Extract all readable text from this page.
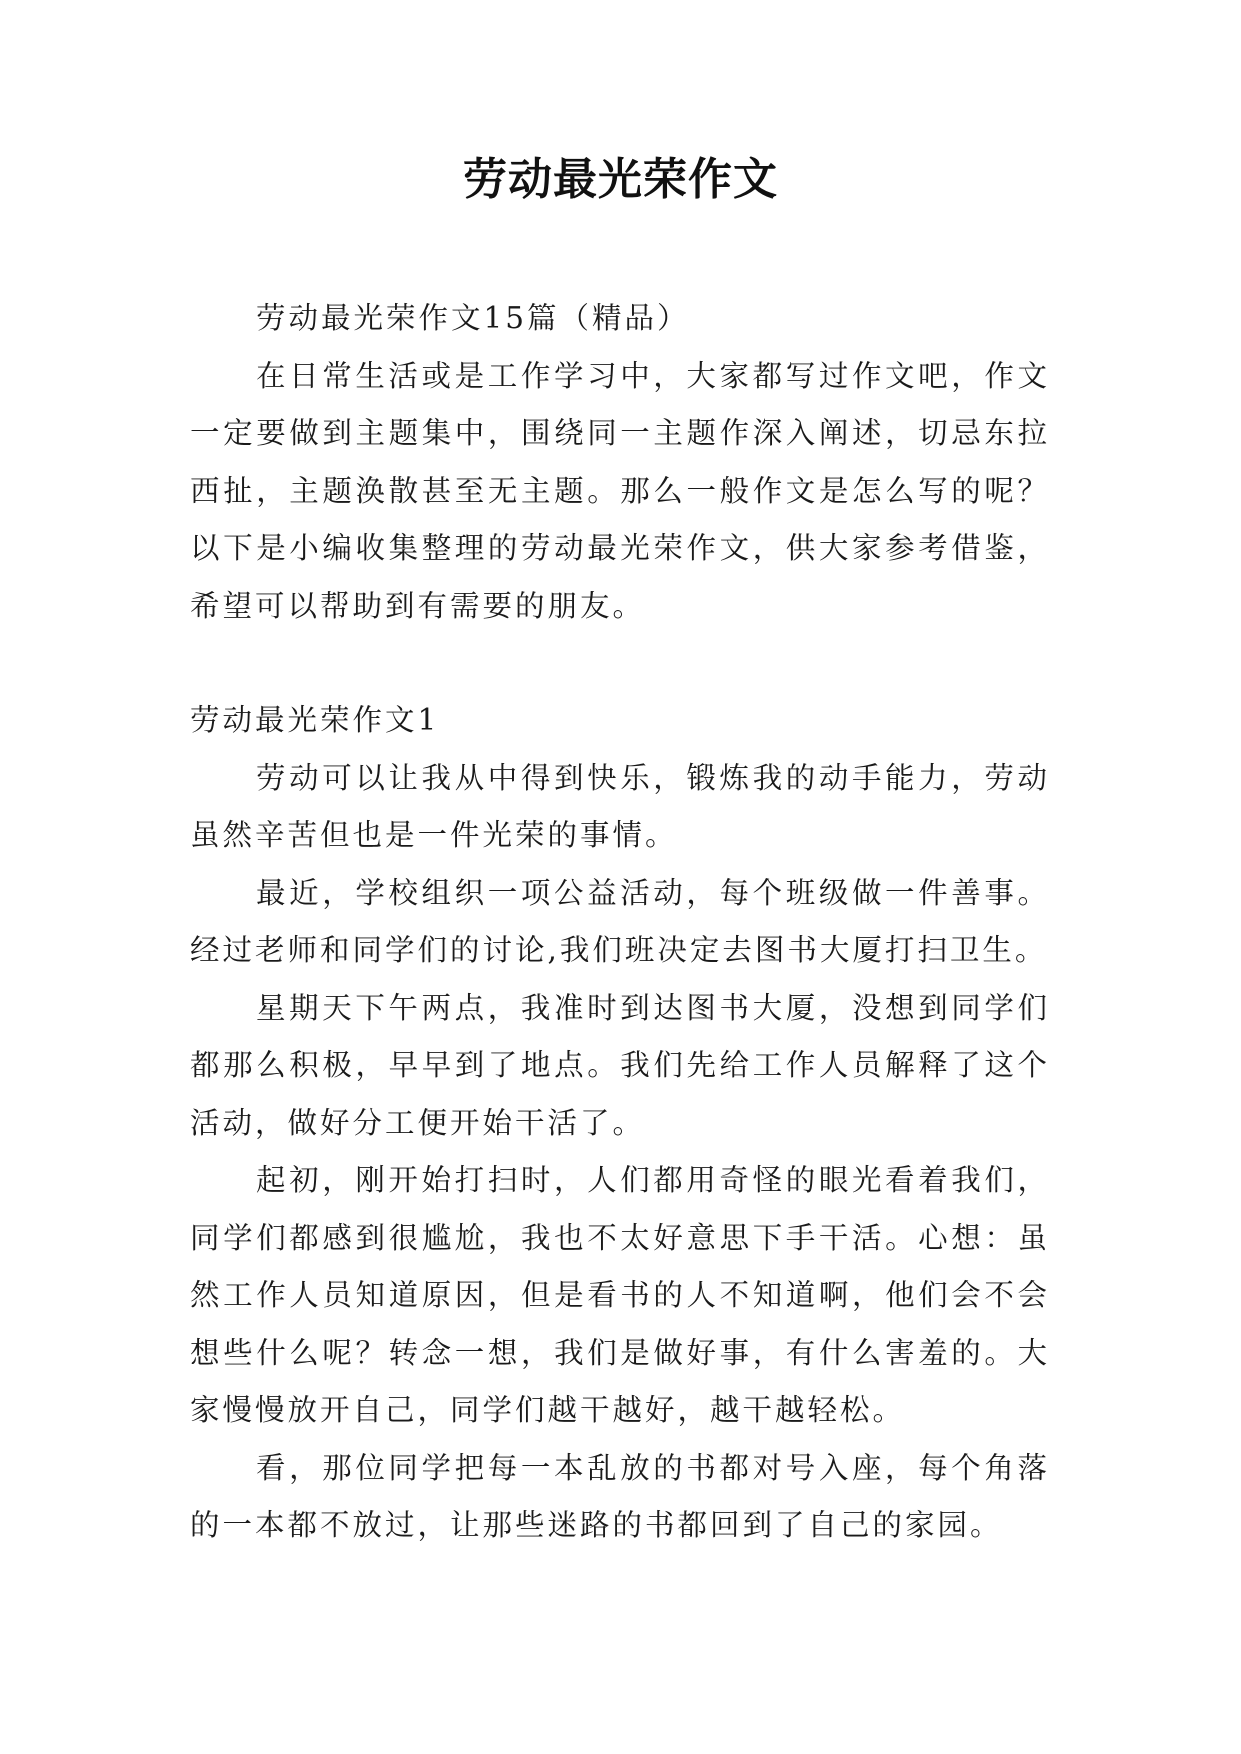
劳动最光荣作文

劳动最光荣作文15篇（精品）

在日常生活或是工作学习中，大家都写过作文吧，作文一定要做到主题集中，围绕同一主题作深入阐述，切忌东拉西扯，主题涣散甚至无主题。那么一般作文是怎么写的呢？以下是小编收集整理的劳动最光荣作文，供大家参考借鉴，希望可以帮助到有需要的朋友。

劳动最光荣作文1

劳动可以让我从中得到快乐，锻炼我的动手能力，劳动虽然辛苦但也是一件光荣的事情。

最近，学校组织一项公益活动，每个班级做一件善事。经过老师和同学们的讨论,我们班决定去图书大厦打扫卫生。

星期天下午两点，我准时到达图书大厦，没想到同学们都那么积极，早早到了地点。我们先给工作人员解释了这个活动，做好分工便开始干活了。

起初，刚开始打扫时，人们都用奇怪的眼光看着我们，同学们都感到很尴尬，我也不太好意思下手干活。心想：虽然工作人员知道原因，但是看书的人不知道啊，他们会不会想些什么呢？转念一想，我们是做好事，有什么害羞的。大家慢慢放开自己，同学们越干越好，越干越轻松。

看，那位同学把每一本乱放的书都对号入座，每个角落的一本都不放过，让那些迷路的书都回到了自己的家园。
